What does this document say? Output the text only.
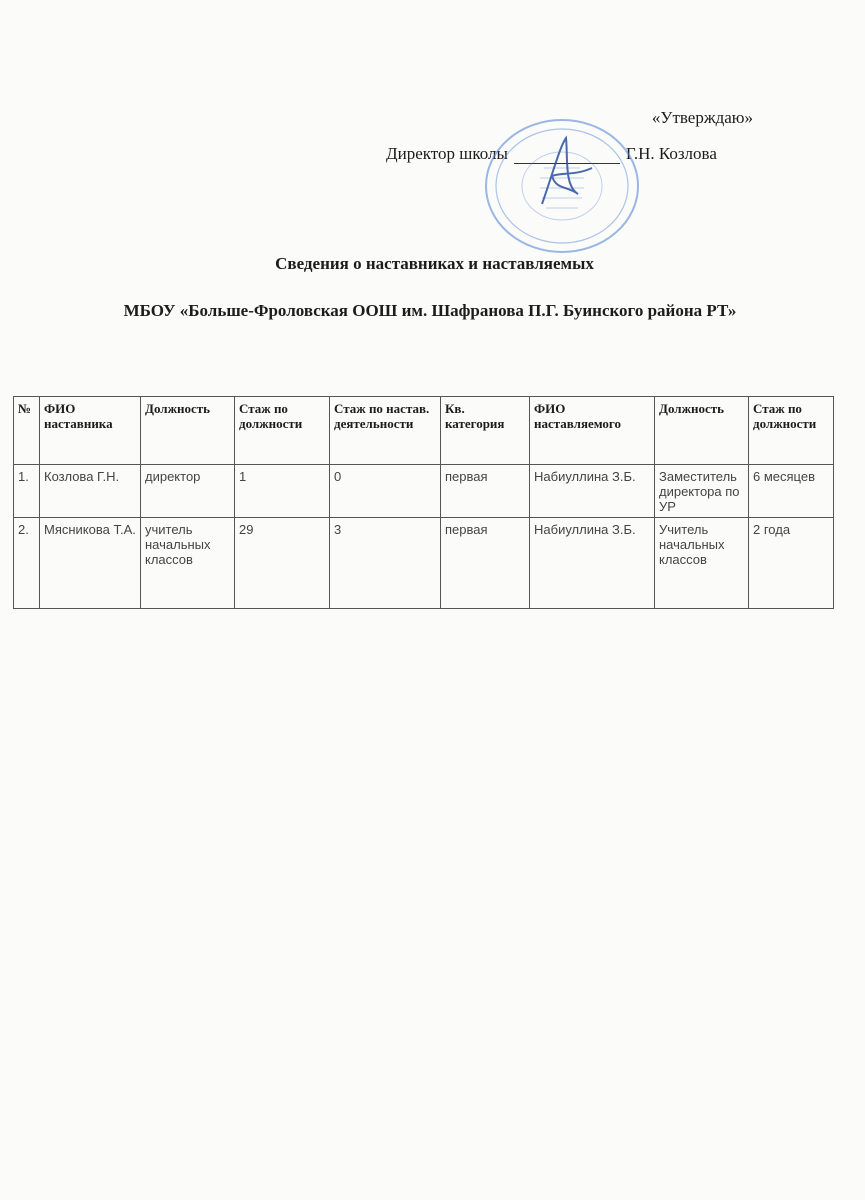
«Утверждаю»
Директор школы	Г.Н. Козлова
Сведения о наставниках и наставляемых
МБОУ «Больше-Фроловская ООШ им. Шафранова П.Г. Буинского района РТ»
№	ФИО наставника	Должность	Стаж по должности	Стаж по настав. деятельности	Кв. категория	ФИО наставляемого	Должность	Стаж по должности
1.	Козлова Г.Н.	директор	1	0	первая	Набиуллина З.Б.	Заместитель директора по УР	6 месяцев
2.	Мясникова Т.А.	учитель начальных классов	29	3	первая	Набиуллина З.Б.	Учитель начальных классов	2 года
